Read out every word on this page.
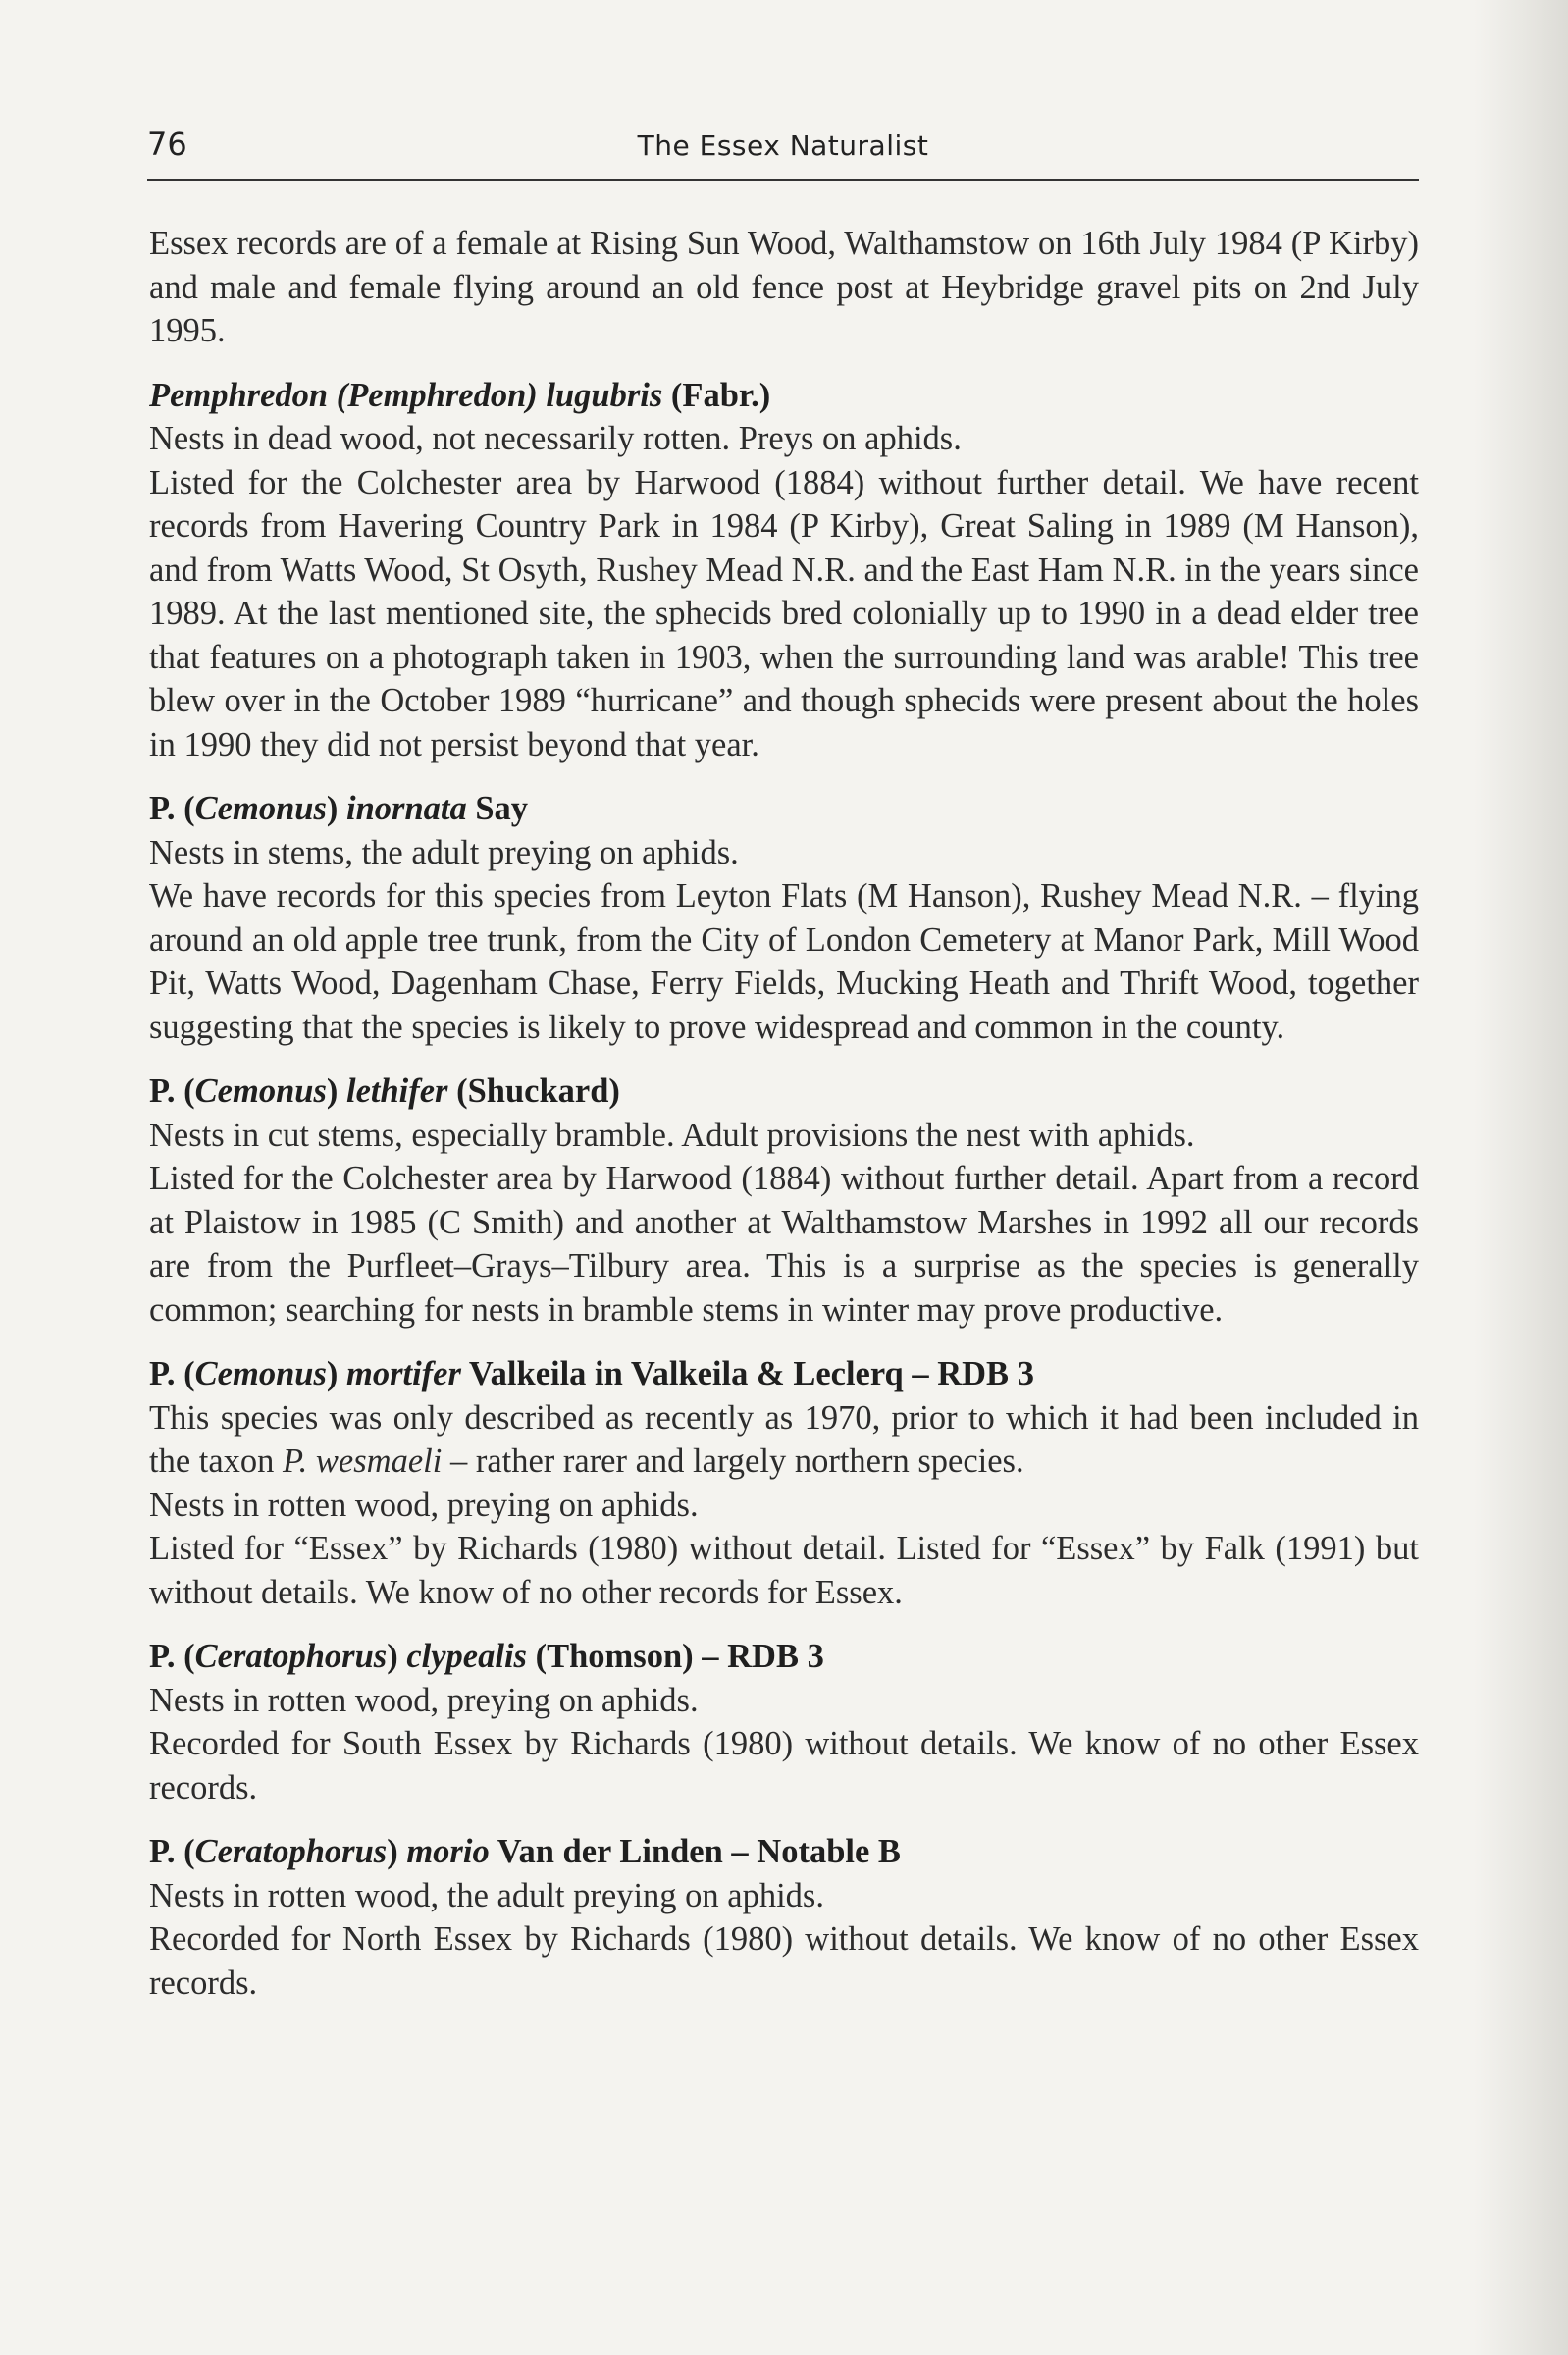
76	The Essex Naturalist

Essex records are of a female at Rising Sun Wood, Walthamstow on 16th July 1984 (P Kirby) and male and female flying around an old fence post at Heybridge gravel pits on 2nd July 1995.

Pemphredon (Pemphredon) lugubris (Fabr.)

Nests in dead wood, not necessarily rotten. Preys on aphids.

Listed for the Colchester area by Harwood (1884) without further detail. We have recent records from Havering Country Park in 1984 (P Kirby), Great Saling in 1989 (M Hanson), and from Watts Wood, St Osyth, Rushey Mead N.R. and the East Ham N.R. in the years since 1989. At the last mentioned site, the sphecids bred colonially up to 1990 in a dead elder tree that features on a photograph taken in 1903, when the surrounding land was arable! This tree blew over in the October 1989 “hurricane” and though sphecids were present about the holes in 1990 they did not persist beyond that year.

P. (Cemonus) inornata Say

Nests in stems, the adult preying on aphids.

We have records for this species from Leyton Flats (M Hanson), Rushey Mead N.R. – flying around an old apple tree trunk, from the City of London Cemetery at Manor Park, Mill Wood Pit, Watts Wood, Dagenham Chase, Ferry Fields, Mucking Heath and Thrift Wood, together suggesting that the species is likely to prove widespread and common in the county.

P. (Cemonus) lethifer (Shuckard)

Nests in cut stems, especially bramble. Adult provisions the nest with aphids.

Listed for the Colchester area by Harwood (1884) without further detail. Apart from a record at Plaistow in 1985 (C Smith) and another at Walthamstow Marshes in 1992 all our records are from the Purfleet–Grays–Tilbury area. This is a surprise as the species is generally common; searching for nests in bramble stems in winter may prove productive.

P. (Cemonus) mortifer Valkeila in Valkeila & Leclerq – RDB 3

This species was only described as recently as 1970, prior to which it had been included in the taxon P. wesmaeli – rather rarer and largely northern species.

Nests in rotten wood, preying on aphids.

Listed for “Essex” by Richards (1980) without detail. Listed for “Essex” by Falk (1991) but without details. We know of no other records for Essex.

P. (Ceratophorus) clypealis (Thomson) – RDB 3

Nests in rotten wood, preying on aphids.

Recorded for South Essex by Richards (1980) without details. We know of no other Essex records.

P. (Ceratophorus) morio Van der Linden – Notable B

Nests in rotten wood, the adult preying on aphids.

Recorded for North Essex by Richards (1980) without details. We know of no other Essex records.
